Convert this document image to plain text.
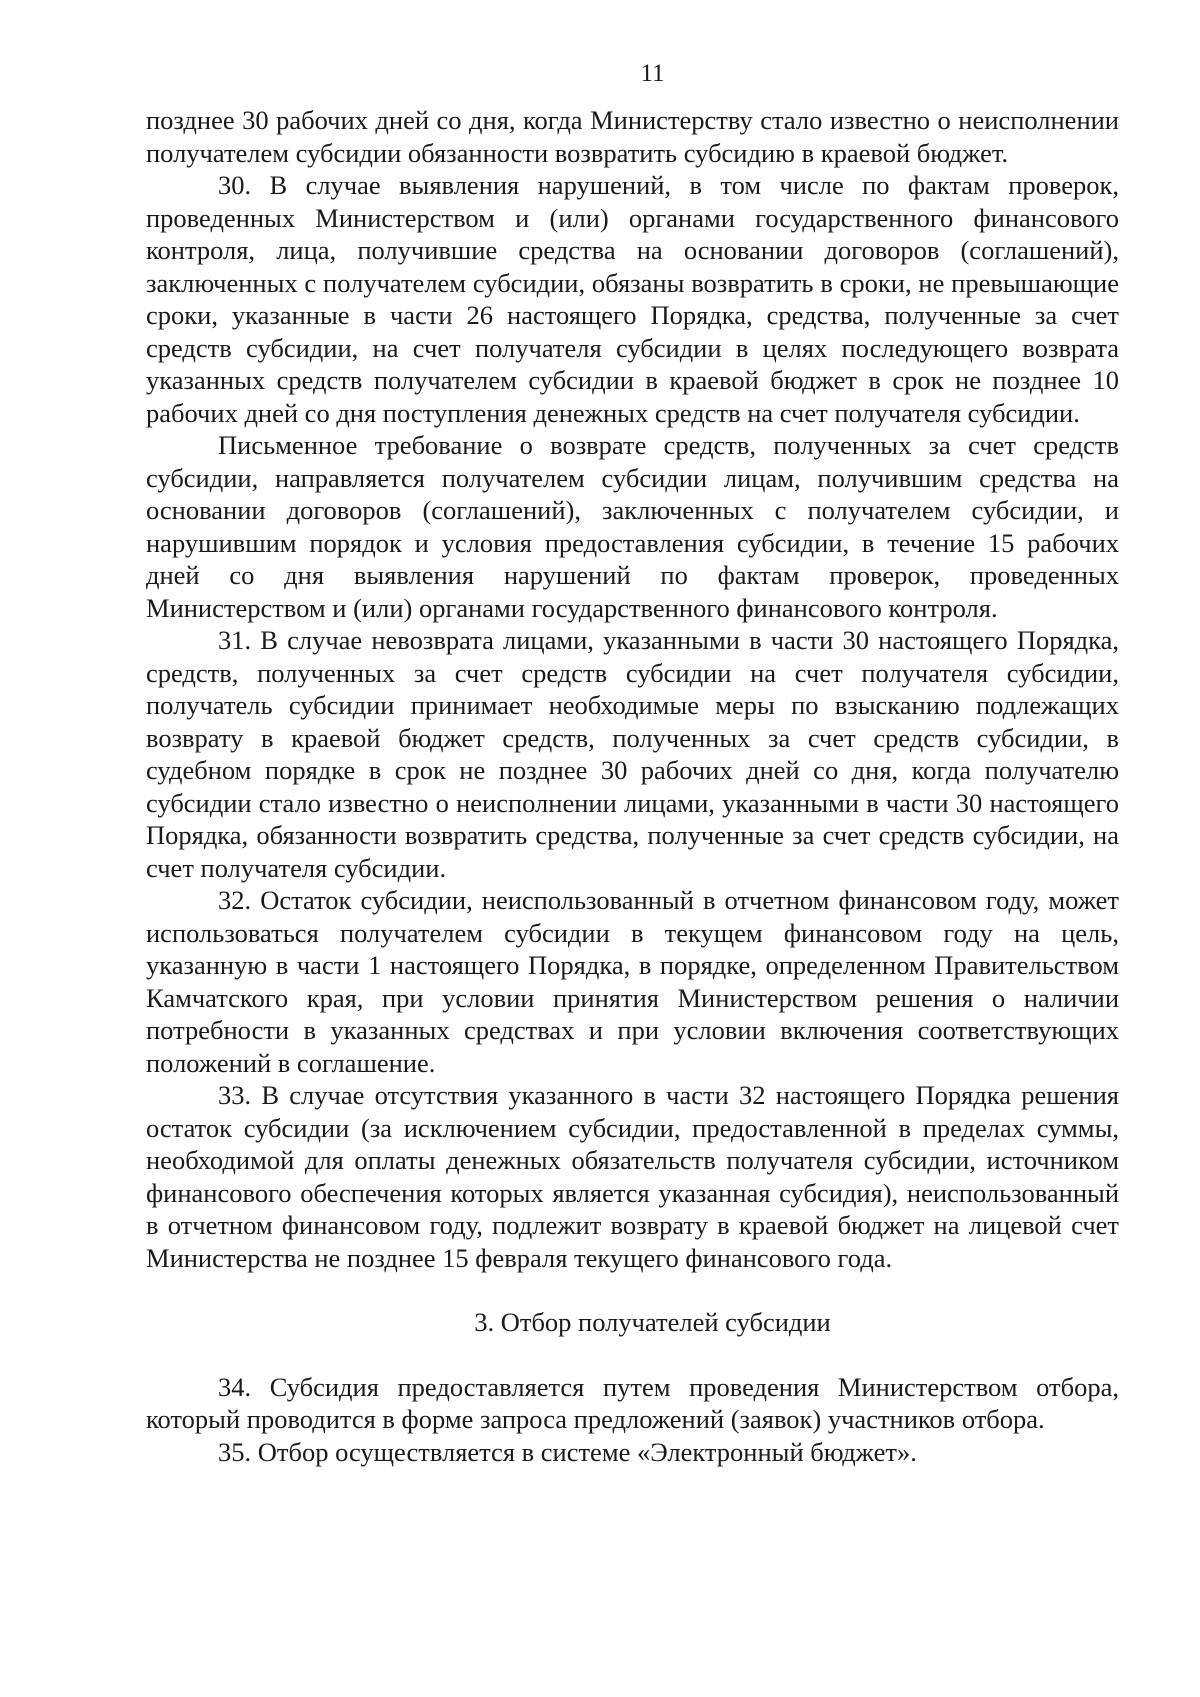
11

позднее 30 рабочих дней со дня, когда Министерству стало известно о неисполнении получателем субсидии обязанности возвратить субсидию в краевой бюджет.

30. В случае выявления нарушений, в том числе по фактам проверок, проведенных Министерством и (или) органами государственного финансового контроля, лица, получившие средства на основании договоров (соглашений), заключенных с получателем субсидии, обязаны возвратить в сроки, не превышающие сроки, указанные в части 26 настоящего Порядка, средства, полученные за счет средств субсидии, на счет получателя субсидии в целях последующего возврата указанных средств получателем субсидии в краевой бюджет в срок не позднее 10 рабочих дней со дня поступления денежных средств на счет получателя субсидии.

Письменное требование о возврате средств, полученных за счет средств субсидии, направляется получателем субсидии лицам, получившим средства на основании договоров (соглашений), заключенных с получателем субсидии, и нарушившим порядок и условия предоставления субсидии, в течение 15 рабочих дней со дня выявления нарушений по фактам проверок, проведенных Министерством и (или) органами государственного финансового контроля.

31. В случае невозврата лицами, указанными в части 30 настоящего Порядка, средств, полученных за счет средств субсидии на счет получателя субсидии, получатель субсидии принимает необходимые меры по взысканию подлежащих возврату в краевой бюджет средств, полученных за счет средств субсидии, в судебном порядке в срок не позднее 30 рабочих дней со дня, когда получателю субсидии стало известно о неисполнении лицами, указанными в части 30 настоящего Порядка, обязанности возвратить средства, полученные за счет средств субсидии, на счет получателя субсидии.

32. Остаток субсидии, неиспользованный в отчетном финансовом году, может использоваться получателем субсидии в текущем финансовом году на цель, указанную в части 1 настоящего Порядка, в порядке, определенном Правительством Камчатского края, при условии принятия Министерством решения о наличии потребности в указанных средствах и при условии включения соответствующих положений в соглашение.

33. В случае отсутствия указанного в части 32 настоящего Порядка решения остаток субсидии (за исключением субсидии, предоставленной в пределах суммы, необходимой для оплаты денежных обязательств получателя субсидии, источником финансового обеспечения которых является указанная субсидия), неиспользованный в отчетном финансовом году, подлежит возврату в краевой бюджет на лицевой счет Министерства не позднее 15 февраля текущего финансового года.

3. Отбор получателей субсидии

34. Субсидия предоставляется путем проведения Министерством отбора, который проводится в форме запроса предложений (заявок) участников отбора.

35. Отбор осуществляется в системе «Электронный бюджет».
